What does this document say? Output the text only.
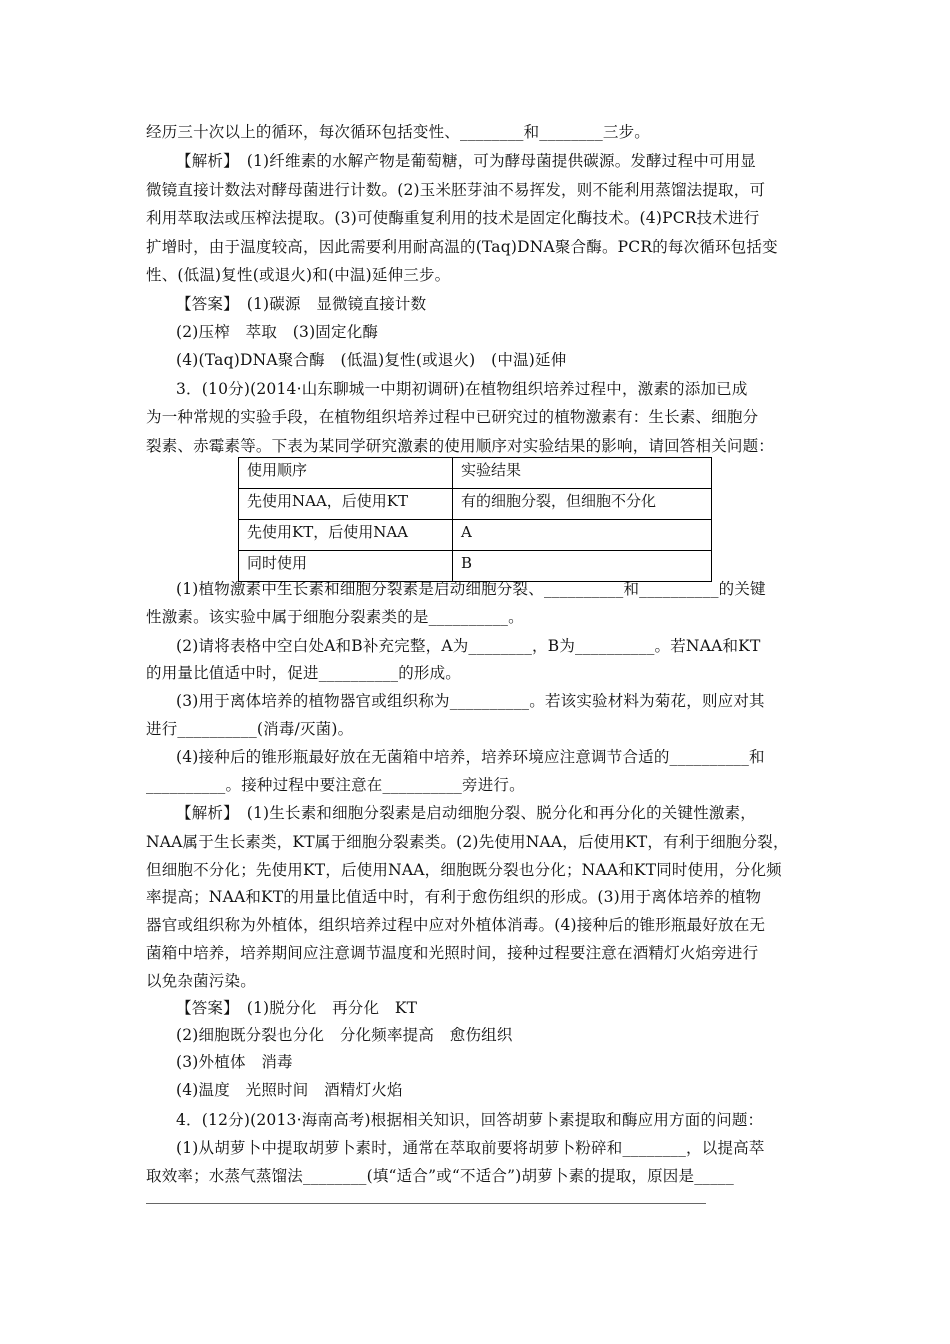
经历三十次以上的循环，每次循环包括变性、________和________三步。
【解析】　(1)纤维素的水解产物是葡萄糖，可为酵母菌提供碳源。发酵过程中可用显
微镜直接计数法对酵母菌进行计数。(2)玉米胚芽油不易挥发，则不能利用蒸馏法提取，可
利用萃取法或压榨法提取。(3)可使酶重复利用的技术是固定化酶技术。(4)PCR技术进行
扩增时，由于温度较高，因此需要利用耐高温的(Taq)DNA聚合酶。PCR的每次循环包括变
性、(低温)复性(或退火)和(中温)延伸三步。
【答案】　(1)碳源　显微镜直接计数
(2)压榨　萃取　(3)固定化酶
(4)(Taq)DNA聚合酶　(低温)复性(或退火)　(中温)延伸
3．(10分)(2014·山东聊城一中期初调研)在植物组织培养过程中，激素的添加已成
为一种常规的实验手段，在植物组织培养过程中已研究过的植物激素有：生长素、细胞分
裂素、赤霉素等。下表为某同学研究激素的使用顺序对实验结果的影响，请回答相关问题：
使用顺序	实验结果
先使用NAA，后使用KT	有的细胞分裂，但细胞不分化
先使用KT，后使用NAA	A
同时使用	B
(1)植物激素中生长素和细胞分裂素是启动细胞分裂、__________和__________的关键
性激素。该实验中属于细胞分裂素类的是__________。
(2)请将表格中空白处A和B补充完整，A为________，B为__________。若NAA和KT
的用量比值适中时，促进__________的形成。
(3)用于离体培养的植物器官或组织称为__________。若该实验材料为菊花，则应对其
进行__________(消毒/灭菌)。
(4)接种后的锥形瓶最好放在无菌箱中培养，培养环境应注意调节合适的__________和
__________。接种过程中要注意在__________旁进行。
【解析】　(1)生长素和细胞分裂素是启动细胞分裂、脱分化和再分化的关键性激素，
NAA属于生长素类，KT属于细胞分裂素类。(2)先使用NAA，后使用KT，有利于细胞分裂，
但细胞不分化；先使用KT，后使用NAA，细胞既分裂也分化；NAA和KT同时使用，分化频
率提高；NAA和KT的用量比值适中时，有利于愈伤组织的形成。(3)用于离体培养的植物
器官或组织称为外植体，组织培养过程中应对外植体消毒。(4)接种后的锥形瓶最好放在无
菌箱中培养，培养期间应注意调节温度和光照时间，接种过程要注意在酒精灯火焰旁进行
以免杂菌污染。
【答案】　(1)脱分化　再分化　KT
(2)细胞既分裂也分化　分化频率提高　愈伤组织
(3)外植体　消毒
(4)温度　光照时间　酒精灯火焰
4．(12分)(2013·海南高考)根据相关知识，回答胡萝卜素提取和酶应用方面的问题：
(1)从胡萝卜中提取胡萝卜素时，通常在萃取前要将胡萝卜粉碎和________，以提高萃
取效率；水蒸气蒸馏法________(填“适合”或“不适合”)胡萝卜素的提取，原因是_____
